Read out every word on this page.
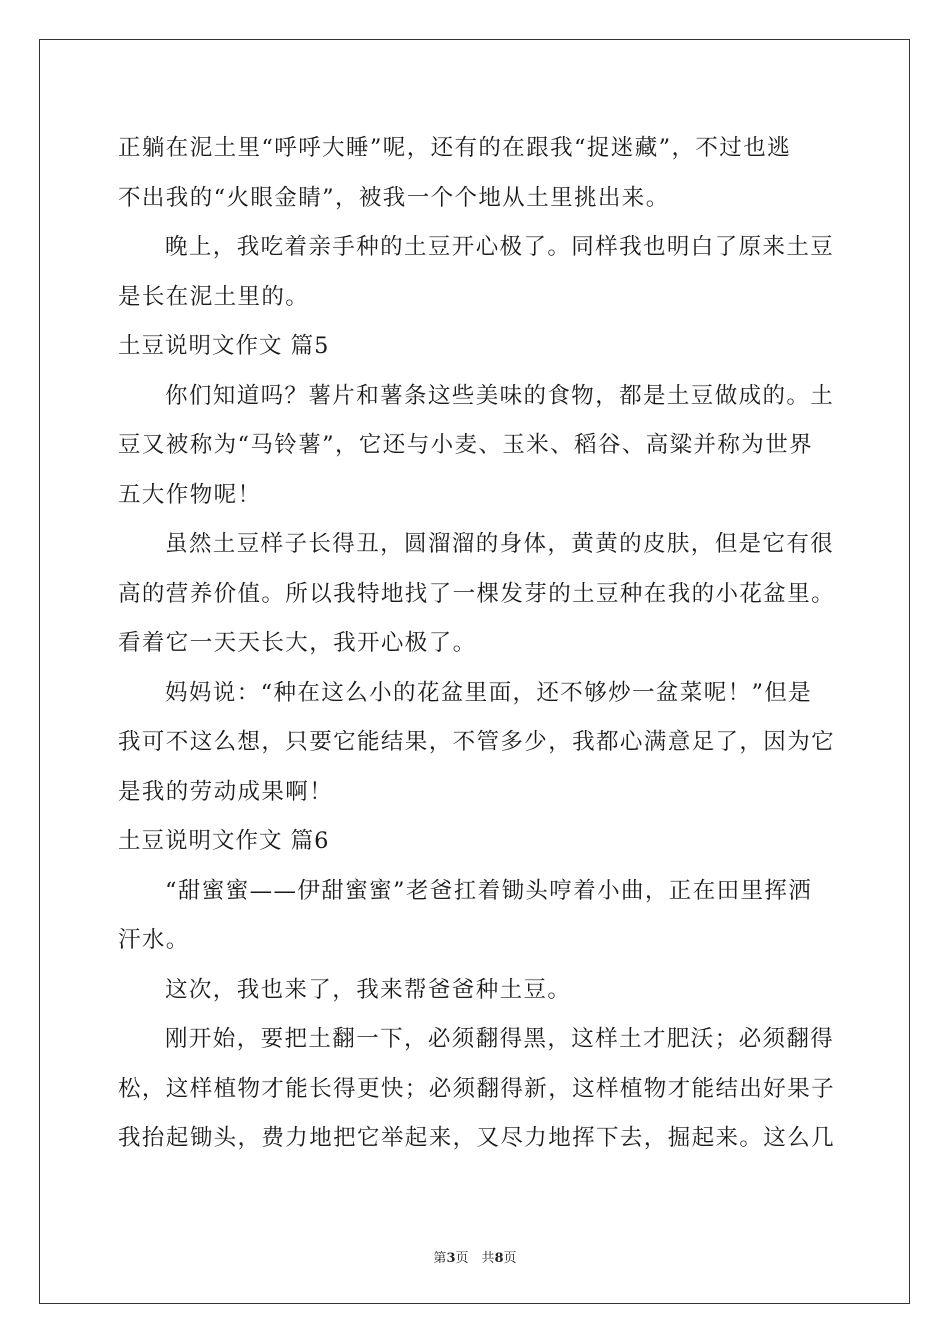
正躺在泥土里“呼呼大睡”呢，还有的在跟我“捉迷藏”，不过也逃
不出我的“火眼金睛”，被我一个个地从土里挑出来。
晚上，我吃着亲手种的土豆开心极了。同样我也明白了原来土豆
是长在泥土里的。
土豆说明文作文 篇5
你们知道吗？薯片和薯条这些美味的食物，都是土豆做成的。土
豆又被称为“马铃薯”，它还与小麦、玉米、稻谷、高粱并称为世界
五大作物呢！
虽然土豆样子长得丑，圆溜溜的身体，黄黄的皮肤，但是它有很
高的营养价值。所以我特地找了一棵发芽的土豆种在我的小花盆里。
看着它一天天长大，我开心极了。
妈妈说：“种在这么小的花盆里面，还不够炒一盆菜呢！”但是
我可不这么想，只要它能结果，不管多少，我都心满意足了，因为它
是我的劳动成果啊！
土豆说明文作文 篇6
“甜蜜蜜——伊甜蜜蜜”老爸扛着锄头哼着小曲，正在田里挥洒
汗水。
这次，我也来了，我来帮爸爸种土豆。
刚开始，要把土翻一下，必须翻得黑，这样土才肥沃；必须翻得
松，这样植物才能长得更快；必须翻得新，这样植物才能结出好果子
我抬起锄头，费力地把它举起来，又尽力地挥下去，掘起来。这么几
第3页　共8页
